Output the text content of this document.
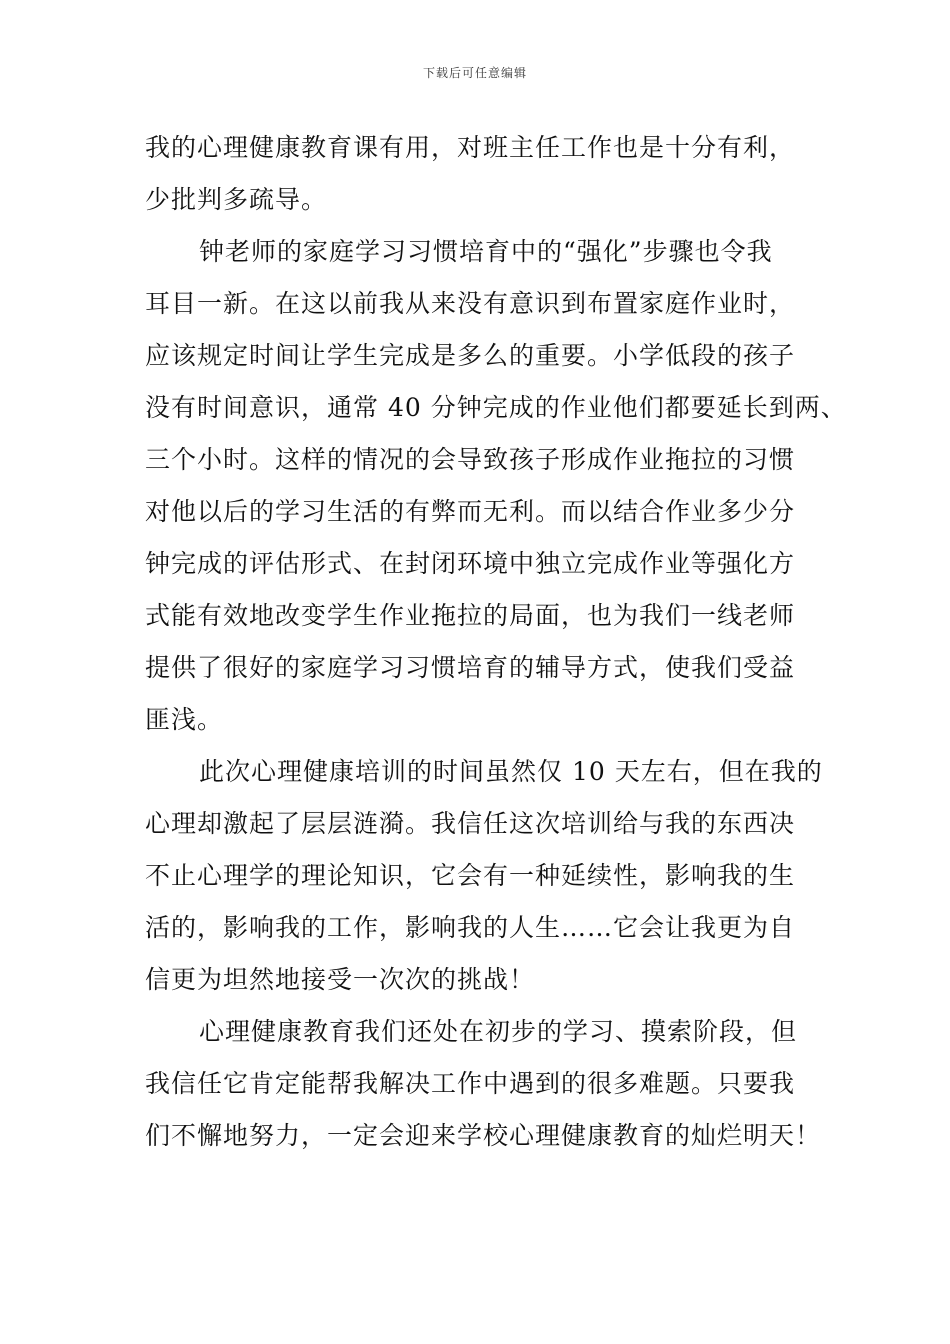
下载后可任意编辑
我的心理健康教育课有用，对班主任工作也是十分有利，
少批判多疏导。
钟老师的家庭学习习惯培育中的“强化”步骤也令我
耳目一新。在这以前我从来没有意识到布置家庭作业时，
应该规定时间让学生完成是多么的重要。小学低段的孩子
没有时间意识，通常 40 分钟完成的作业他们都要延长到两、
三个小时。这样的情况的会导致孩子形成作业拖拉的习惯
对他以后的学习生活的有弊而无利。而以结合作业多少分
钟完成的评估形式、在封闭环境中独立完成作业等强化方
式能有效地改变学生作业拖拉的局面，也为我们一线老师
提供了很好的家庭学习习惯培育的辅导方式，使我们受益
匪浅。
此次心理健康培训的时间虽然仅 10 天左右，但在我的
心理却激起了层层涟漪。我信任这次培训给与我的东西决
不止心理学的理论知识，它会有一种延续性，影响我的生
活的，影响我的工作，影响我的人生……它会让我更为自
信更为坦然地接受一次次的挑战！
心理健康教育我们还处在初步的学习、摸索阶段，但
我信任它肯定能帮我解决工作中遇到的很多难题。只要我
们不懈地努力，一定会迎来学校心理健康教育的灿烂明天！
